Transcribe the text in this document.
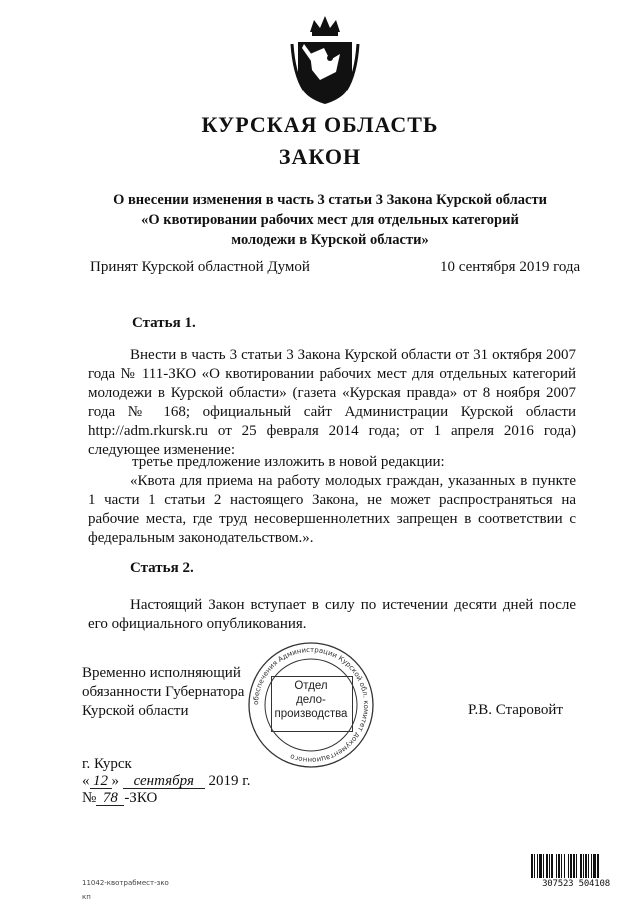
КУРСКАЯ ОБЛАСТЬ
ЗАКОН
О внесении изменения в часть 3 статьи 3 Закона Курской области
«О квотировании рабочих мест для отдельных категорий
молодежи в Курской области»
Принят Курской областной Думой	10 сентября 2019 года
Статья 1.
Внести в часть 3 статьи 3 Закона Курской области от 31 октября 2007 года № 111-ЗКО «О квотировании рабочих мест для отдельных категорий молодежи в Курской области» (газета «Курская правда» от 8 ноября 2007 года № 168; официальный сайт Администрации Курской области http://adm.rkursk.ru от 25 февраля 2014 года; от 1 апреля 2016 года) следующее изменение:
третье предложение изложить в новой редакции:
«Квота для приема на работу молодых граждан, указанных в пункте 1 части 1 статьи 2 настоящего Закона, не может распространяться на рабочие места, где труд несовершеннолетних запрещен в соответствии с федеральным законодательством.».
Статья 2.
Настоящий Закон вступает в силу по истечении десяти дней после его официального опубликования.
Временно исполняющий
обязанности Губернатора
Курской области
обеспечения Администрации Курской обл. комитет документационного
Отдел
дело-
производства	Р.В. Старовойт
г. Курск
« 12 » сентября 2019 г.
№ 78 -ЗКО
11042-квотрабмест-зко
кп
307523 504108
